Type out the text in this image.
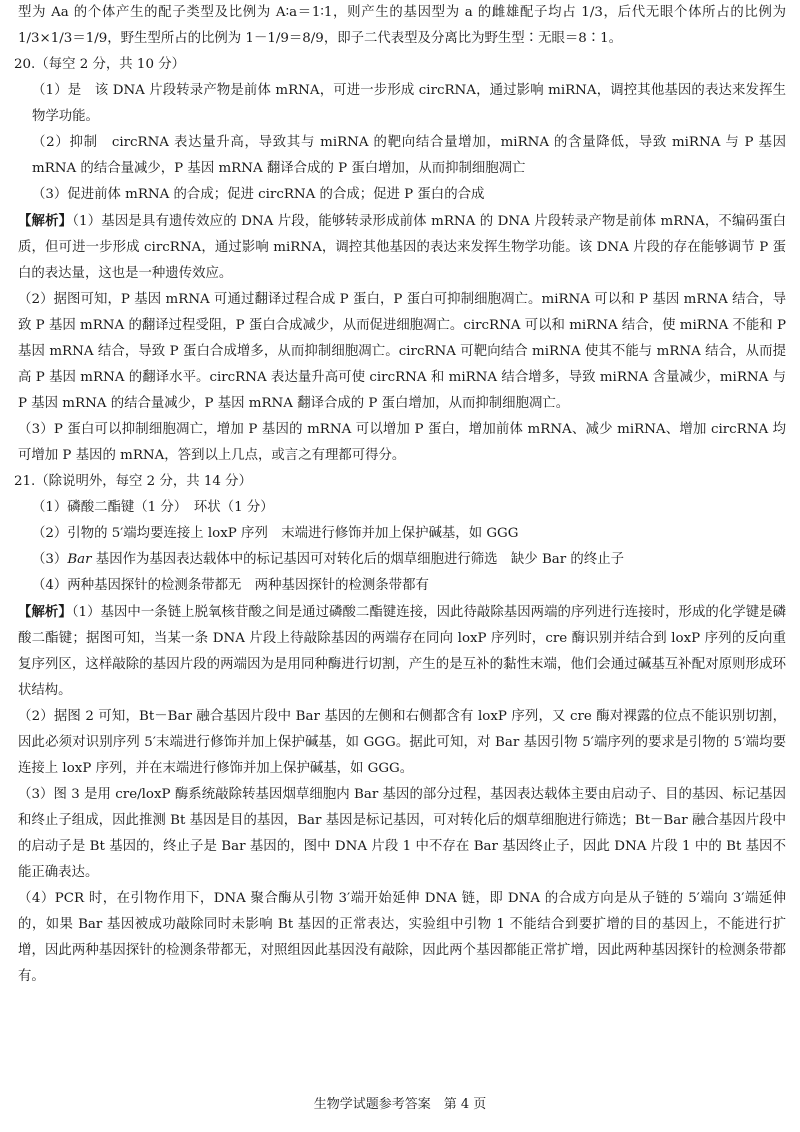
型为 Aa 的个体产生的配子类型及比例为 A∶a＝1∶1，则产生的基因型为 a 的雌雄配子均占 1/3，后代无眼个体所占的比例为 1/3×1/3＝1/9，野生型所占的比例为 1－1/9＝8/9，即子二代表型及分离比为野生型∶无眼＝8∶1。

20.（每空 2 分，共 10 分）

（1）是　该 DNA 片段转录产物是前体 mRNA，可进一步形成 circRNA，通过影响 miRNA，调控其他基因的表达来发挥生物学功能。

（2）抑制　circRNA 表达量升高，导致其与 miRNA 的靶向结合量增加，miRNA 的含量降低，导致 miRNA 与 P 基因 mRNA 的结合量减少，P 基因 mRNA 翻译合成的 P 蛋白增加，从而抑制细胞凋亡

（3）促进前体 mRNA 的合成；促进 circRNA 的合成；促进 P 蛋白的合成

【解析】（1）基因是具有遗传效应的 DNA 片段，能够转录形成前体 mRNA 的 DNA 片段转录产物是前体 mRNA，不编码蛋白质，但可进一步形成 circRNA，通过影响 miRNA，调控其他基因的表达来发挥生物学功能。该 DNA 片段的存在能够调节 P 蛋白的表达量，这也是一种遗传效应。

（2）据图可知，P 基因 mRNA 可通过翻译过程合成 P 蛋白，P 蛋白可抑制细胞凋亡。miRNA 可以和 P 基因 mRNA 结合，导致 P 基因 mRNA 的翻译过程受阻，P 蛋白合成减少，从而促进细胞凋亡。circRNA 可以和 miRNA 结合，使 miRNA 不能和 P 基因 mRNA 结合，导致 P 蛋白合成增多，从而抑制细胞凋亡。circRNA 可靶向结合 miRNA 使其不能与 mRNA 结合，从而提高 P 基因 mRNA 的翻译水平。circRNA 表达量升高可使 circRNA 和 miRNA 结合增多，导致 miRNA 含量减少，miRNA 与 P 基因 mRNA 的结合量减少，P 基因 mRNA 翻译合成的 P 蛋白增加，从而抑制细胞凋亡。

（3）P 蛋白可以抑制细胞凋亡，增加 P 基因的 mRNA 可以增加 P 蛋白，增加前体 mRNA、减少 miRNA、增加 circRNA 均可增加 P 基因的 mRNA，答到以上几点，或言之有理都可得分。

21.（除说明外，每空 2 分，共 14 分）

（1）磷酸二酯键（1 分）　环状（1 分）

（2）引物的 5′端均要连接上 loxP 序列　末端进行修饰并加上保护碱基，如 GGG

（3）Bar 基因作为基因表达载体中的标记基因可对转化后的烟草细胞进行筛选　缺少 Bar 的终止子

（4）两种基因探针的检测条带都无　两种基因探针的检测条带都有

【解析】（1）基因中一条链上脱氧核苷酸之间是通过磷酸二酯键连接，因此待敲除基因两端的序列进行连接时，形成的化学键是磷酸二酯键；据图可知，当某一条 DNA 片段上待敲除基因的两端存在同向 loxP 序列时，cre 酶识别并结合到 loxP 序列的反向重复序列区，这样敲除的基因片段的两端因为是用同种酶进行切割，产生的是互补的黏性末端，他们会通过碱基互补配对原则形成环状结构。

（2）据图 2 可知，Bt－Bar 融合基因片段中 Bar 基因的左侧和右侧都含有 loxP 序列，又 cre 酶对裸露的位点不能识别切割，因此必须对识别序列 5′末端进行修饰并加上保护碱基，如 GGG。据此可知，对 Bar 基因引物 5′端序列的要求是引物的 5′端均要连接上 loxP 序列，并在末端进行修饰并加上保护碱基，如 GGG。

（3）图 3 是用 cre/loxP 酶系统敲除转基因烟草细胞内 Bar 基因的部分过程，基因表达载体主要由启动子、目的基因、标记基因和终止子组成，因此推测 Bt 基因是目的基因，Bar 基因是标记基因，可对转化后的烟草细胞进行筛选；Bt－Bar 融合基因片段中的启动子是 Bt 基因的，终止子是 Bar 基因的，图中 DNA 片段 1 中不存在 Bar 基因终止子，因此 DNA 片段 1 中的 Bt 基因不能正确表达。

（4）PCR 时，在引物作用下，DNA 聚合酶从引物 3′端开始延伸 DNA 链，即 DNA 的合成方向是从子链的 5′端向 3′端延伸的，如果 Bar 基因被成功敲除同时未影响 Bt 基因的正常表达，实验组中引物 1 不能结合到要扩增的目的基因上，不能进行扩增，因此两种基因探针的检测条带都无，对照组因此基因没有敲除，因此两个基因都能正常扩增，因此两种基因探针的检测条带都有。

生物学试题参考答案　第 4 页
